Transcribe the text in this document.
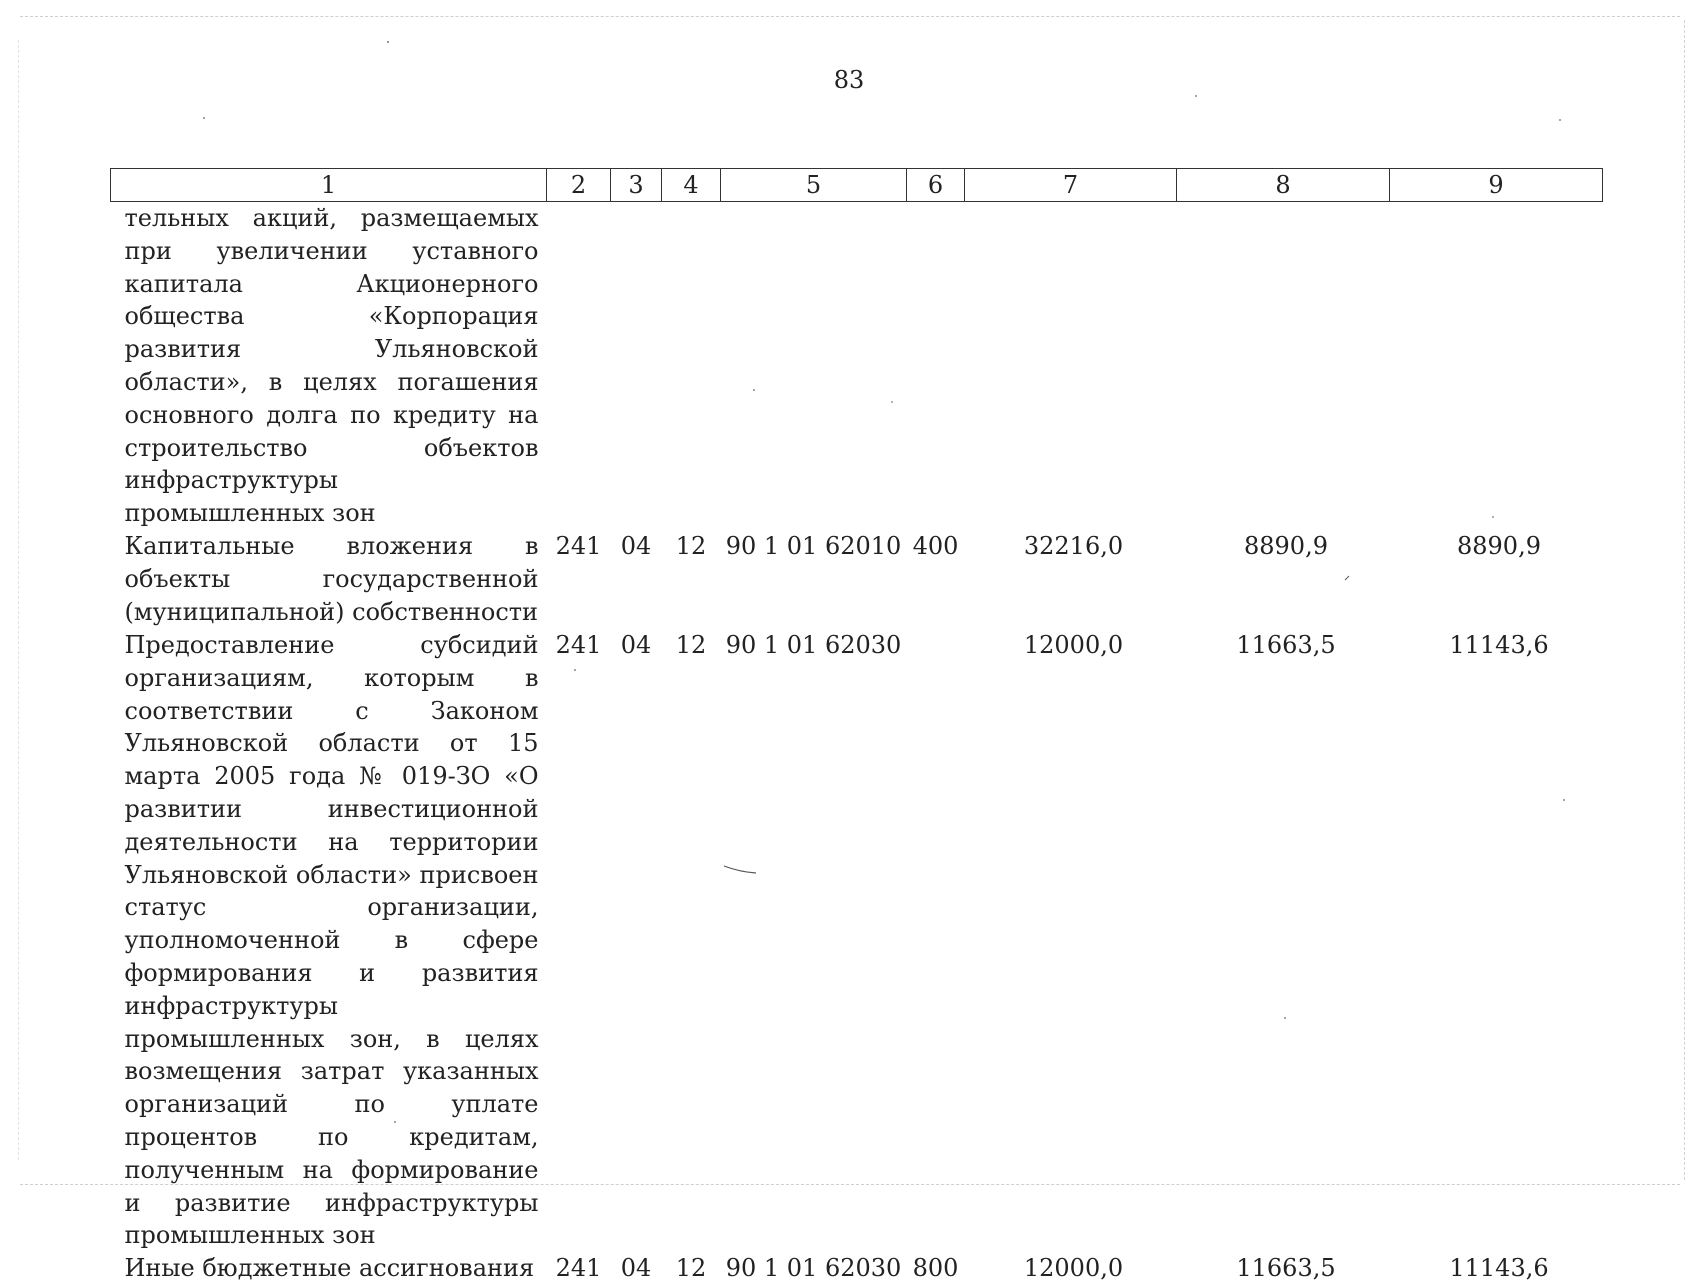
83
1	2	3	4	5	6	7	8	9
тельных акций, размещаемых при увеличении уставного капитала Акционерного общества «Корпорация развития Ульяновской области», в целях погашения основного долга по кредиту на строительство объектов инфраструктуры промышленных зон								
Капитальные вложения в объекты государственной (муниципальной) собственности	241	04	12	90 1 01 62010	400	32216,0	8890,9	8890,9
Предоставление субсидий организациям, которым в соответствии с Законом Ульяновской области от 15 марта 2005 года № 019-ЗО «О развитии инвестиционной деятельности на территории Ульяновской области» присвоен статус организации, уполномоченной в сфере формирования и развития инфраструктуры промышленных зон, в целях возмещения затрат указанных организаций по уплате процентов по кредитам, полученным на формирование и развитие инфраструктуры промышленных зон	241	04	12	90 1 01 62030		12000,0	11663,5	11143,6
Иные бюджетные ассигнования	241	04	12	90 1 01 62030	800	12000,0	11663,5	11143,6
